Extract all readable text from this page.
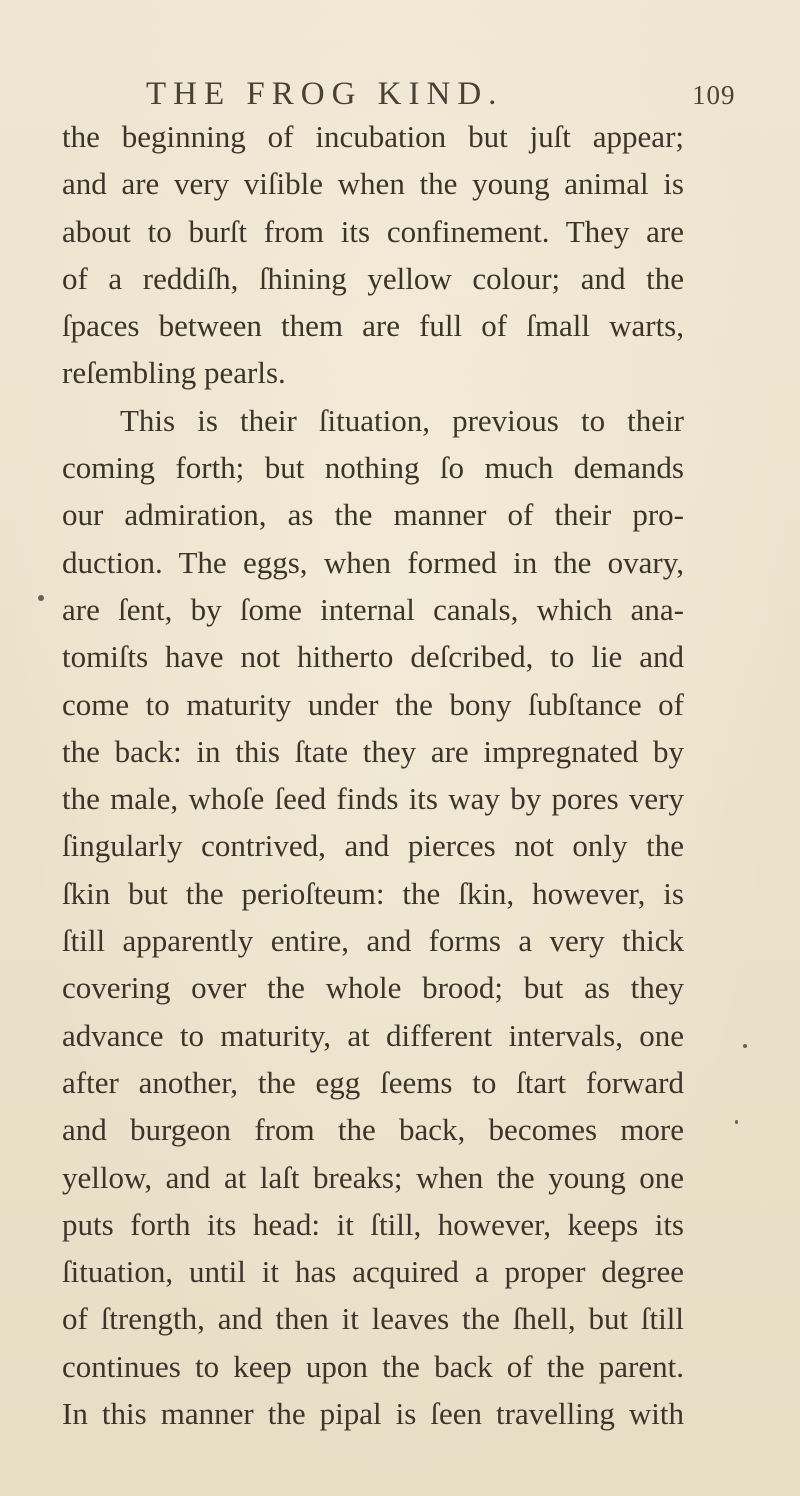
THE FROG KIND.	109
the beginning of incubation but juſt appear;
and are very viſible when the young animal is
about to burſt from its confinement. They are
of a reddiſh, ſhining yellow colour; and the
ſpaces between them are full of ſmall warts,
reſembling pearls.
This is their ſituation, previous to their
coming forth; but nothing ſo much demands
our admiration, as the manner of their pro-
duction. The eggs, when formed in the ovary,
are ſent, by ſome internal canals, which ana-
tomiſts have not hitherto deſcribed, to lie and
come to maturity under the bony ſubſtance of
the back: in this ſtate they are impregnated by
the male, whoſe ſeed finds its way by pores very
ſingularly contrived, and pierces not only the
ſkin but the perioſteum: the ſkin, however, is
ſtill apparently entire, and forms a very thick
covering over the whole brood; but as they
advance to maturity, at different intervals, one
after another, the egg ſeems to ſtart forward
and burgeon from the back, becomes more
yellow, and at laſt breaks; when the young one
puts forth its head: it ſtill, however, keeps its
ſituation, until it has acquired a proper degree
of ſtrength, and then it leaves the ſhell, but ſtill
continues to keep upon the back of the parent.
In this manner the pipal is ſeen travelling with
